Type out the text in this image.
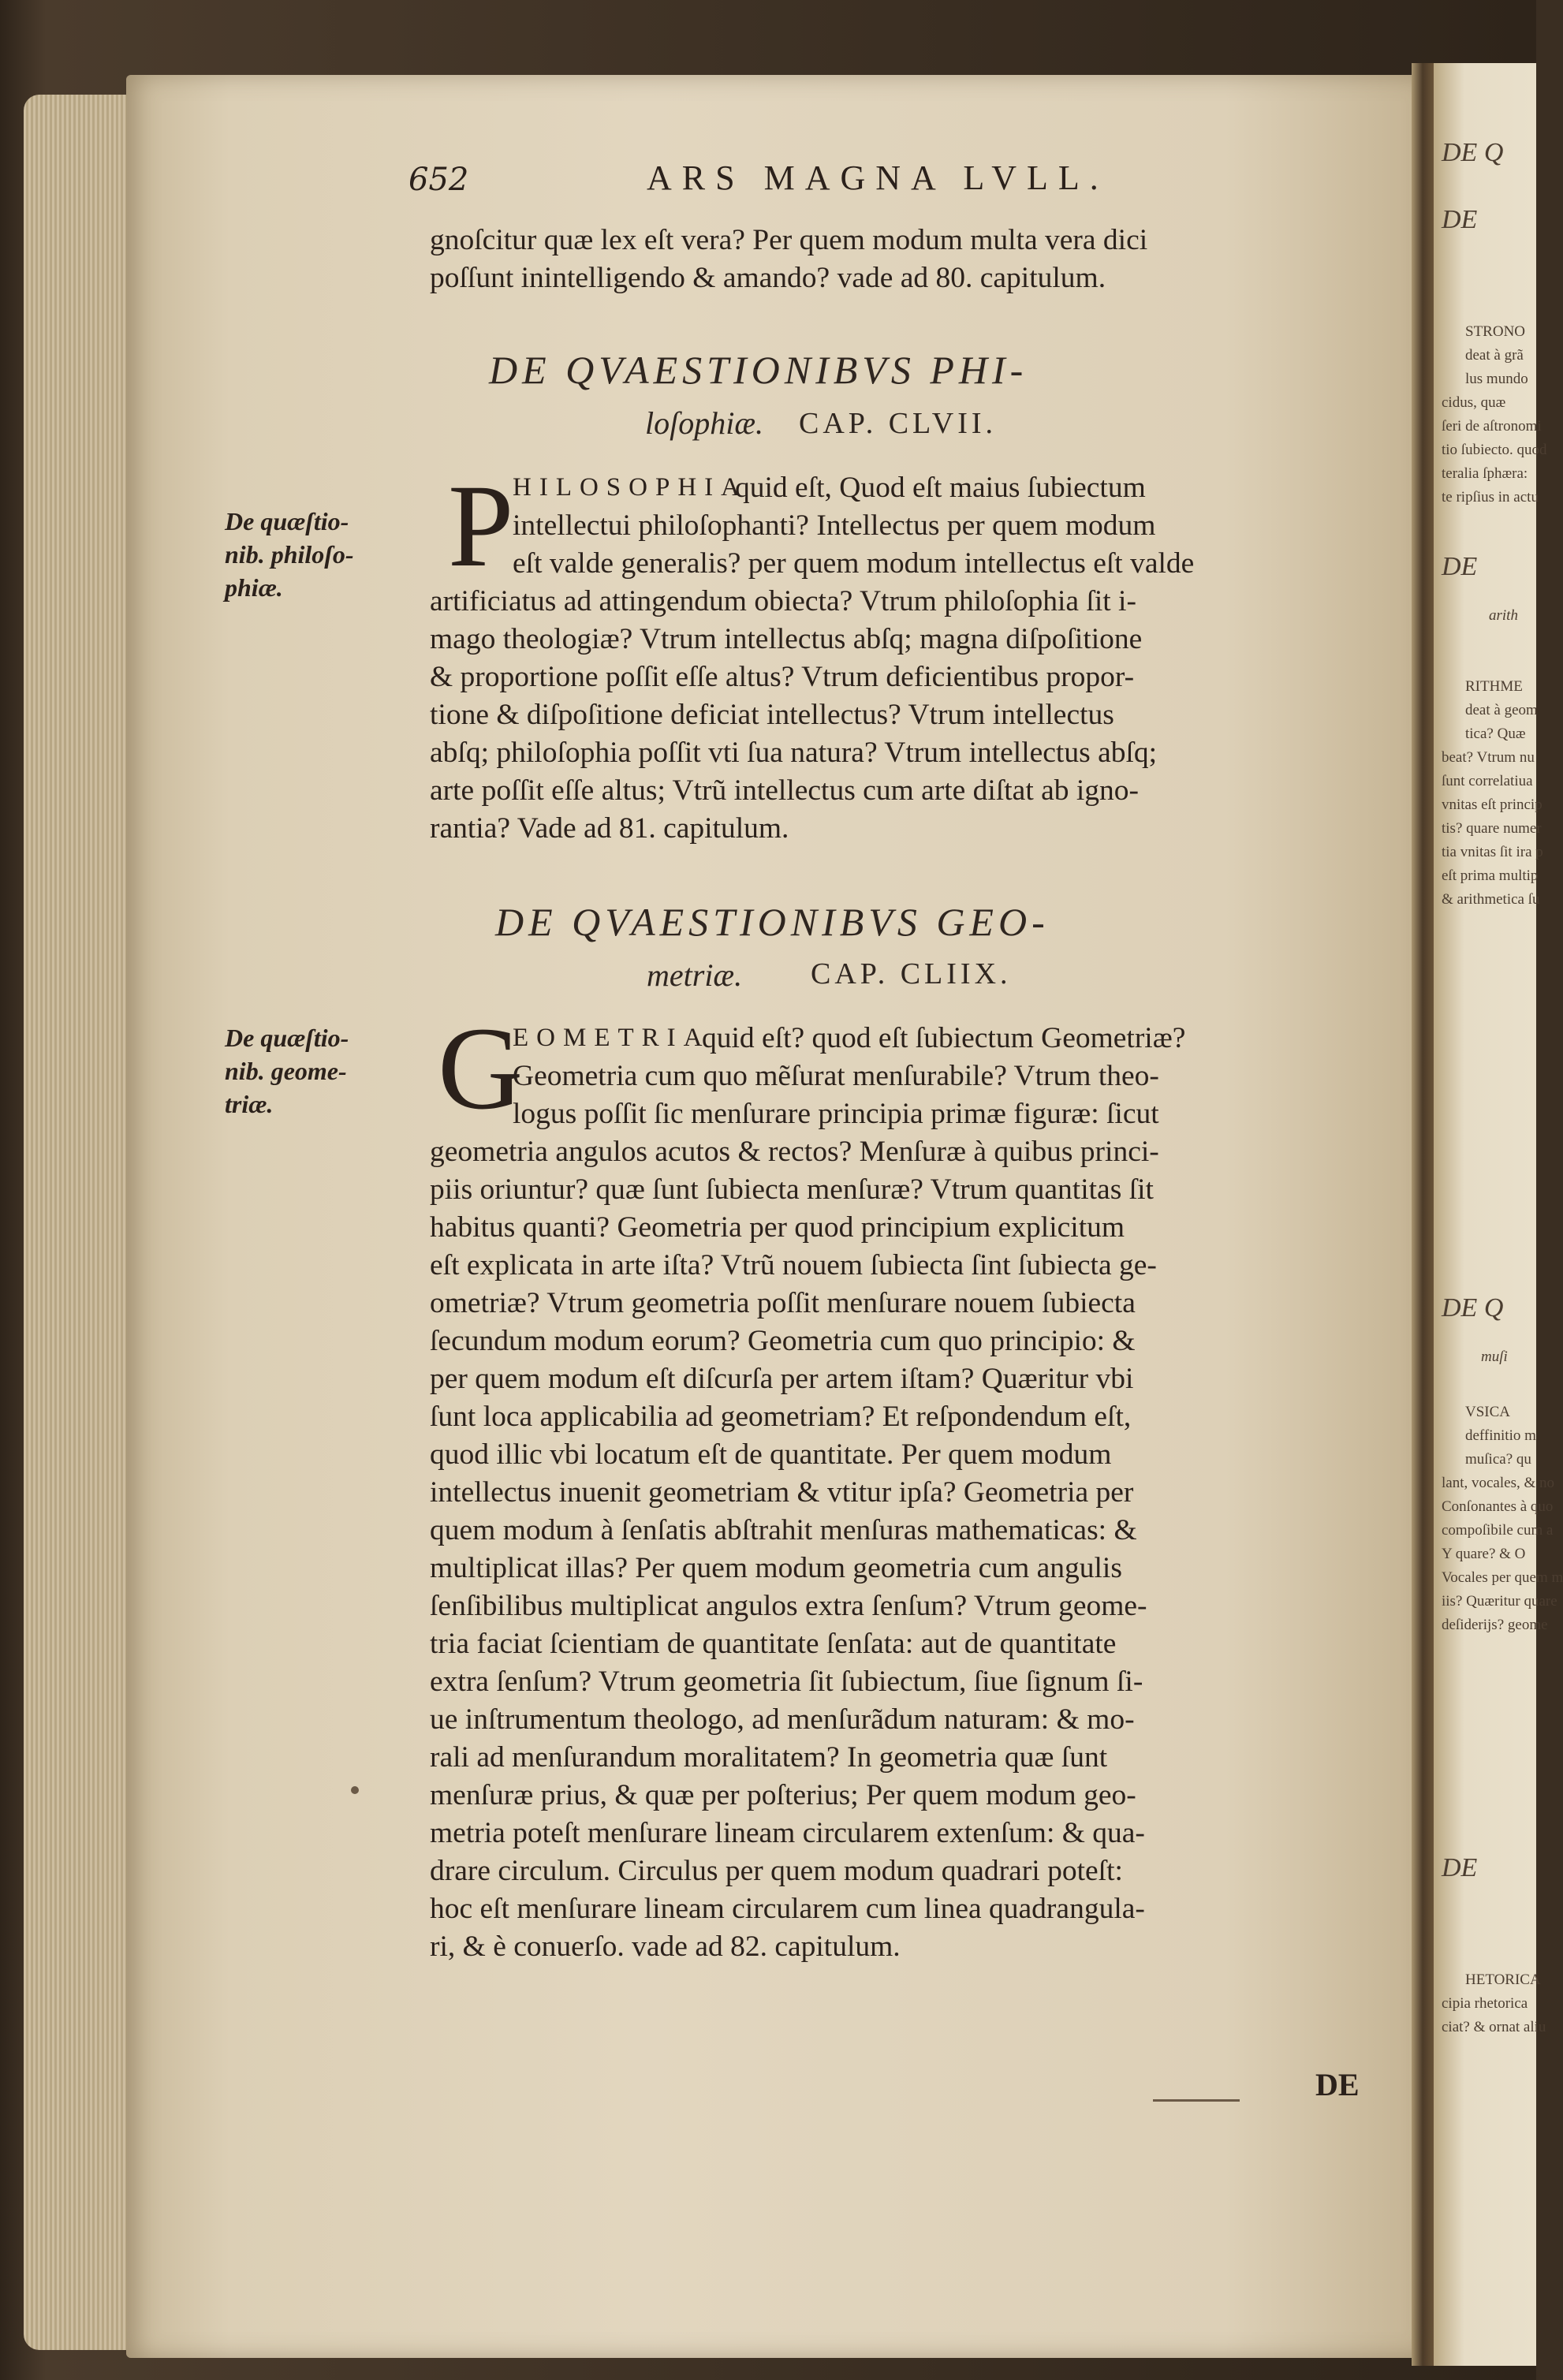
652	ARS MAGNA LVLL.
gnoſcitur quæ lex eſt vera? Per quem modum multa vera dici
poſſunt inintelligendo & amando? vade ad 80. capitulum.
DE QVAESTIONIBVS PHI-
loſophiæ. CAP. CLVII.
De quæſtio-
nib. philoſo-
phiæ.	P
HILOSOPHIA
quid eſt, Quod eſt maius ſubiectum
intellectui philoſophanti? Intellectus per quem modum
eſt valde generalis? per quem modum intellectus eſt valde
artificiatus ad attingendum obiecta? Vtrum philoſophia ſit i-
mago theologiæ? Vtrum intellectus abſq; magna diſpoſitione
& proportione poſſit eſſe altus? Vtrum deficientibus propor-
tione & diſpoſitione deficiat intellectus? Vtrum intellectus
abſq; philoſophia poſſit vti ſua natura? Vtrum intellectus abſq;
arte poſſit eſſe altus; Vtrũ intellectus cum arte diſtat ab igno-
rantia? Vade ad 81. capitulum.
DE QVAESTIONIBVS GEO-
metriæ. CAP. CLIIX.
De quæſtio-
nib. geome-
triæ.	G
EOMETRIA
quid eſt? quod eſt ſubiectum Geometriæ?
Geometria cum quo mẽſurat menſurabile? Vtrum theo-
logus poſſit ſic menſurare principia primæ figuræ: ſicut
geometria angulos acutos & rectos? Menſuræ à quibus princi-
piis oriuntur? quæ ſunt ſubiecta menſuræ? Vtrum quantitas ſit
habitus quanti? Geometria per quod principium explicitum
eſt explicata in arte iſta? Vtrũ nouem ſubiecta ſint ſubiecta ge-
ometriæ? Vtrum geometria poſſit menſurare nouem ſubiecta
ſecundum modum eorum? Geometria cum quo principio: &
per quem modum eſt diſcurſa per artem iſtam? Quæritur vbi
ſunt loca applicabilia ad geometriam? Et reſpondendum eſt,
quod illic vbi locatum eſt de quantitate. Per quem modum
intellectus inuenit geometriam & vtitur ipſa? Geometria per
quem modum à ſenſatis abſtrahit menſuras mathematicas: &
multiplicat illas? Per quem modum geometria cum angulis
ſenſibilibus multiplicat angulos extra ſenſum? Vtrum geome-
tria faciat ſcientiam de quantitate ſenſata: aut de quantitate
extra ſenſum? Vtrum geometria ſit ſubiectum, ſiue ſignum ſi-
ue inſtrumentum theologo, ad menſurãdum naturam: & mo-
rali ad menſurandum moralitatem? In geometria quæ ſunt
menſuræ prius, & quæ per poſterius; Per quem modum geo-
metria poteſt menſurare lineam circularem extenſum: & qua-
drare circulum. Circulus per quem modum quadrari poteſt:
hoc eſt menſurare lineam circularem cum linea quadrangula-
ri, & è conuerſo. vade ad 82. capitulum.
DE
DE Q
DE
STRONO
deat à grã
lus mundo
cidus, quæ
ſeri de aſtronomi
tio ſubiecto. quod
teralia ſphæra:
te ripſius in actu
DE
arith
RITHME
deat à geom
tica? Quæ
beat? Vtrum nu
ſunt correlatiua
vnitas eſt princip
tis? quare numer
tia vnitas ſit ira p
eſt prima multip
& arithmetica ſu
DE Q
muſi
VSICA
deffinitio m
muſica? qu
lant, vocales, & no
Conſonantes à quo
compoſibile cum a
Y quare? & O
Vocales per quem m
iis? Quæritur quare
deſiderijs? geome
DE
HETORICA
cipia rhetorica
ciat? & ornat aliu
